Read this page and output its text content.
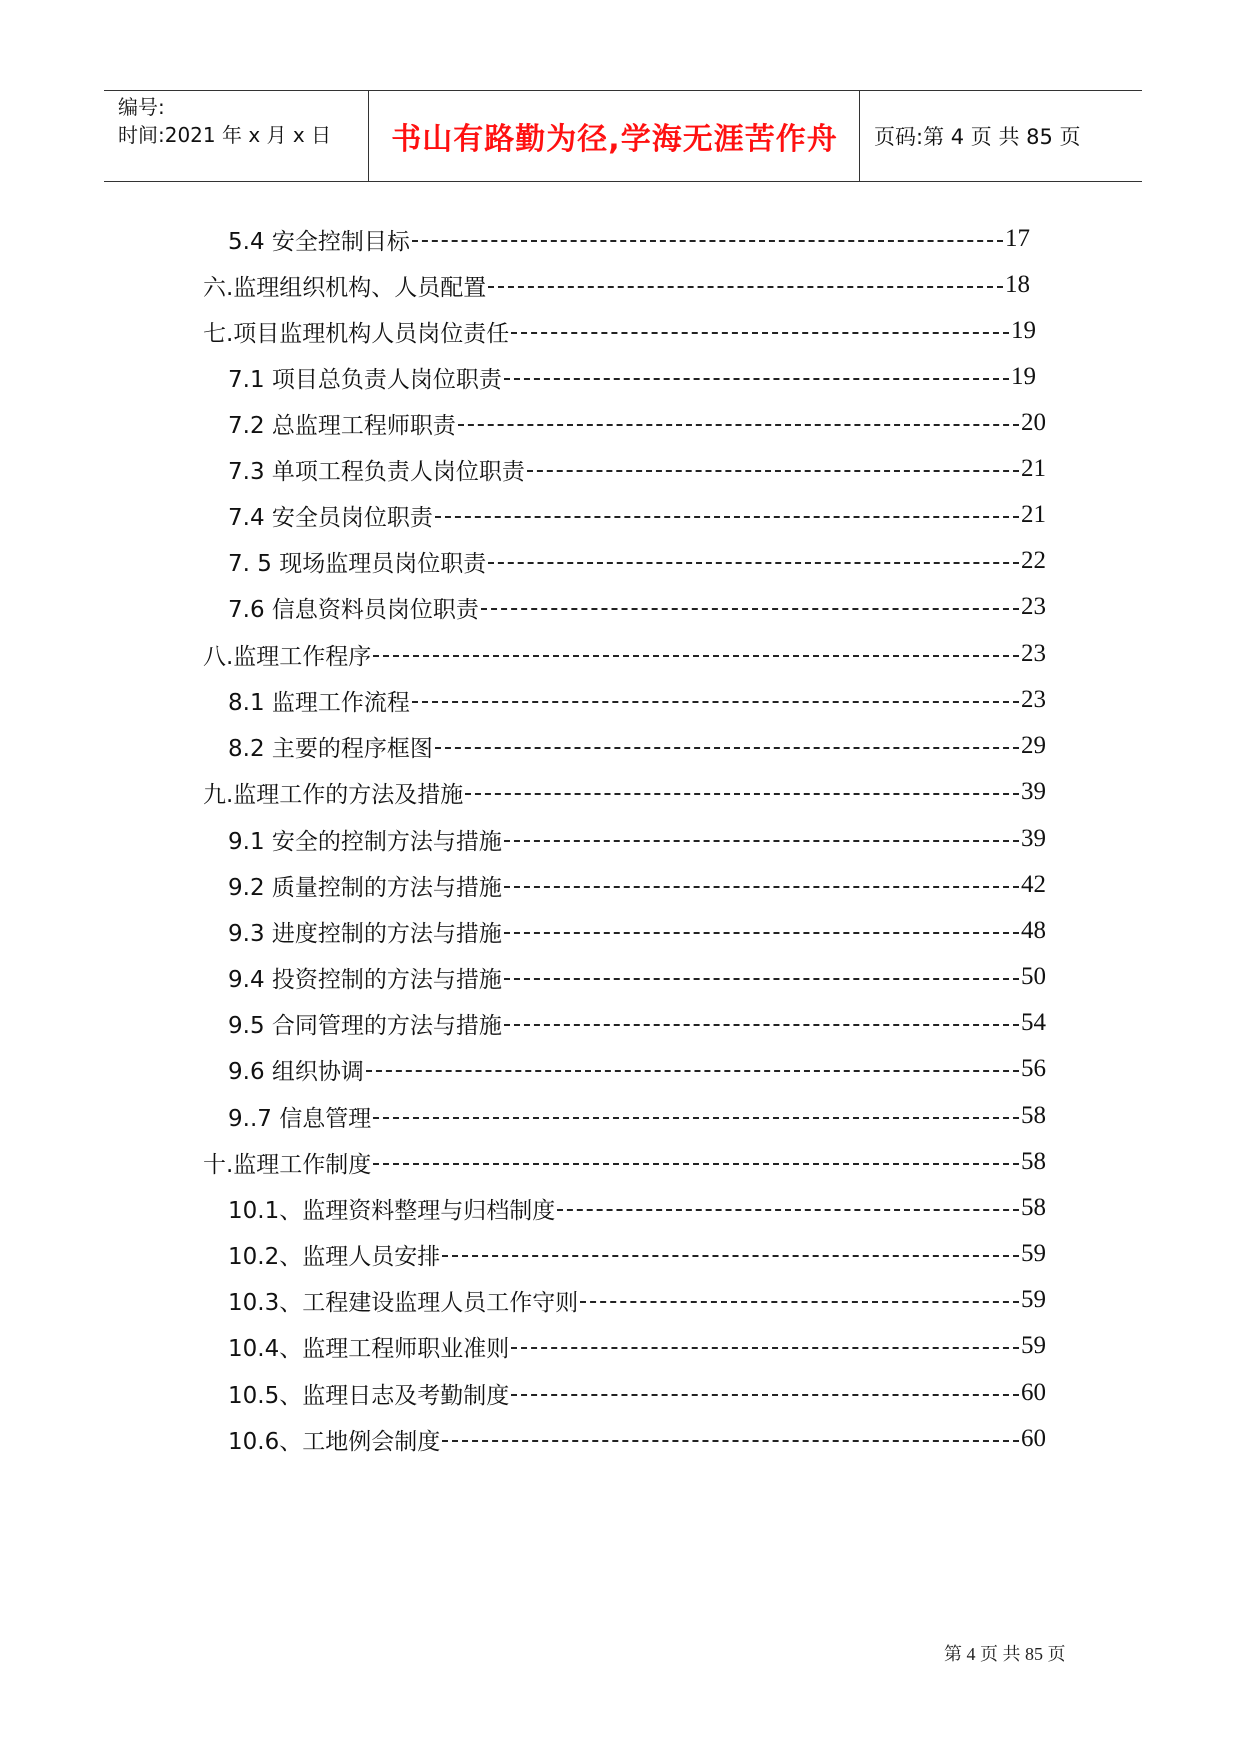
编号:
时间:2021 年 x 月 x 日	书山有路勤为径,学海无涯苦作舟	页码:第 4 页 共 85 页
5.4 安全控制目标	17
六.监理组织机构、人员配置	18
七.项目监理机构人员岗位责任	19
7.1 项目总负责人岗位职责	19
7.2 总监理工程师职责	20
7.3 单项工程负责人岗位职责	21
7.4 安全员岗位职责	21
7. 5 现场监理员岗位职责	22
7.6 信息资料员岗位职责	23
八.监理工作程序	23
8.1 监理工作流程	23
8.2 主要的程序框图	29
九.监理工作的方法及措施	39
9.1 安全的控制方法与措施	39
9.2 质量控制的方法与措施	42
9.3 进度控制的方法与措施	48
9.4 投资控制的方法与措施	50
9.5 合同管理的方法与措施	54
9.6 组织协调	56
9..7 信息管理	58
十.监理工作制度	58
10.1、监理资料整理与归档制度	58
10.2、监理人员安排	59
10.3、工程建设监理人员工作守则	59
10.4、监理工程师职业准则	59
10.5、监理日志及考勤制度	60
10.6、工地例会制度	60
第 4 页 共 85 页
